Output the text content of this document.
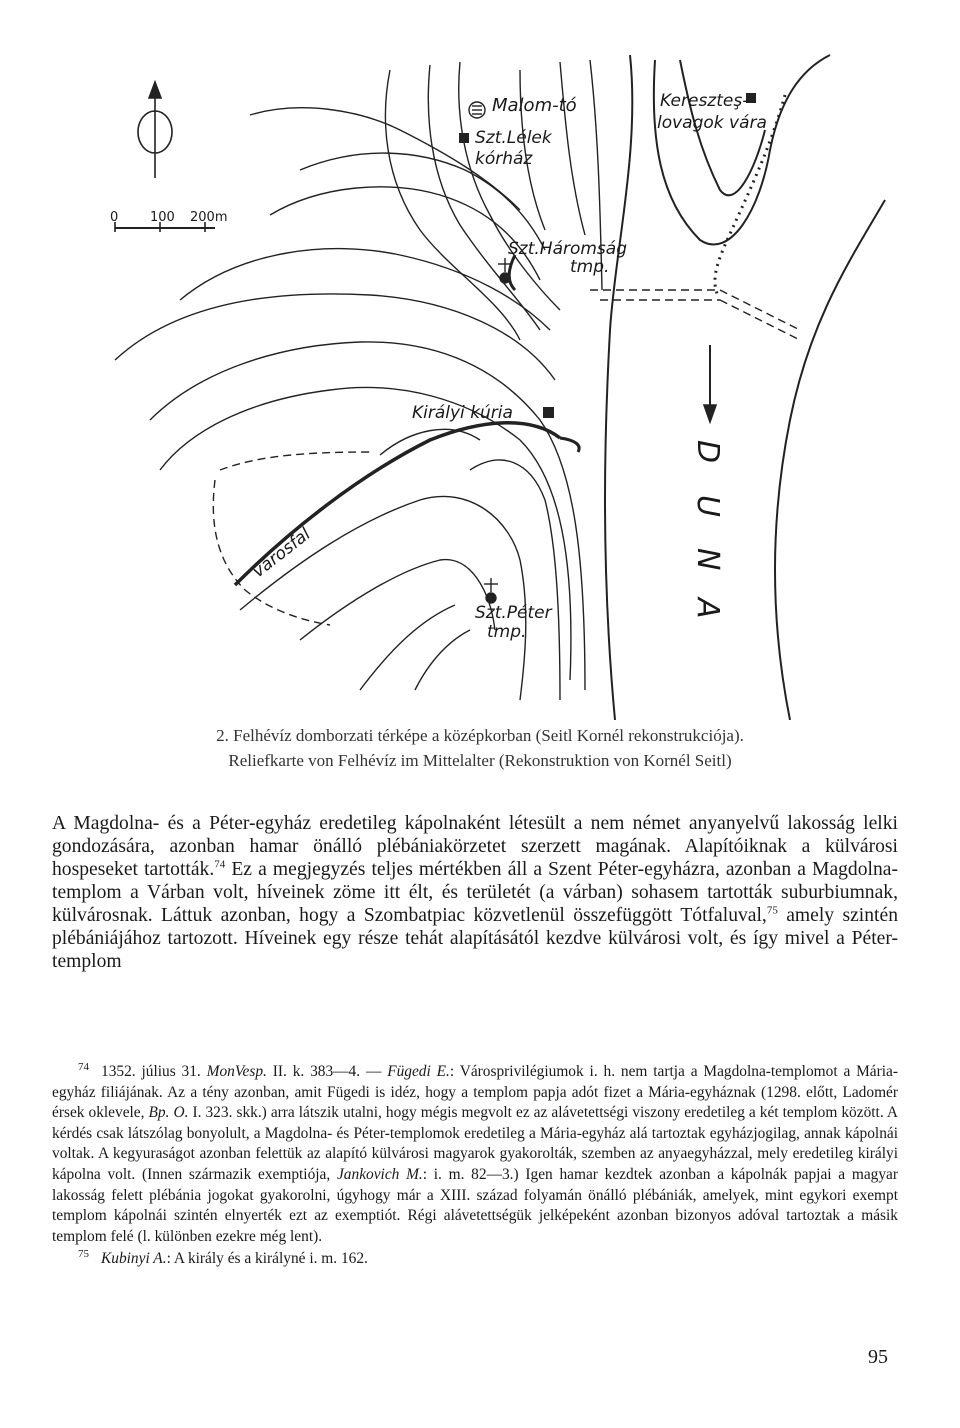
Malom-tó
Szt.Lélek
kórház
Kereszteş-
lovagok vára
Szt.Háromság
tmp.
Királyi kúria
városfal
Szt.Péter
tmp.
D
U
N
A
0 100 200m
2. Felhévíz domborzati térképe a középkorban (Seitl Kornél rekonstrukciója).
Reliefkarte von Felhévíz im Mittelalter (Rekonstruktion von Kornél Seitl)

A Magdolna- és a Péter-egyház eredetileg kápolnaként létesült a nem német anyanyelvű lakosság lelki gondozására, azonban hamar önálló plébániakörzetet szerzett magának. Alapítóiknak a külvárosi hospeseket tartották.$^{74}$ Ez a megjegyzés teljes mértékben áll a Szent Péter-egyházra, azonban a Magdolna-templom a Várban volt, híveinek zöme itt élt, és területét (a várban) sohasem tartották suburbiumnak, külvárosnak. Láttuk azonban, hogy a Szombatpiac közvetlenül összefüggött Tótfaluval,$^{75}$ amely szintén plébániájához tartozott. Híveinek egy része tehát alapításától kezdve külvárosi volt, és így mivel a Péter-templom

$^{74}$ 1352. július 31. MonVesp. II. k. 383—4. — Fügedi E.: Városprivilégiumok i. h. nem tartja a Magdolna-templomot a Mária-egyház filiájának. Az a tény azonban, amit Fügedi is idéz, hogy a templom papja adót fizet a Mária-egyháznak (1298. előtt, Ladomér érsek oklevele, Bp. O. I. 323. skk.) arra látszik utalni, hogy mégis megvolt ez az alávetettségi viszony eredetileg a két templom között. A kérdés csak látszólag bonyolult, a Magdolna- és Péter-templomok eredetileg a Mária-egyház alá tartoztak egyházjogilag, annak kápolnái voltak. A kegyuraságot azonban felettük az alapító külvárosi magyarok gyakorolták, szemben az anyaegyházzal, mely eredetileg királyi kápolna volt. (Innen származik exemptiója, Jankovich M.: i. m. 82—3.) Igen hamar kezdtek azonban a kápolnák papjai a magyar lakosság felett plébánia jogokat gyakorolni, úgyhogy már a XIII. század folyamán önálló plébániák, amelyek, mint egykori exempt templom kápolnái szintén elnyerték ezt az exemptiót. Régi alávetettségük jelképeként azonban bizonyos adóval tartoztak a másik templom felé (l. különben ezekre még lent).

$^{75}$ Kubinyi A.: A király és a királyné i. m. 162.

95
